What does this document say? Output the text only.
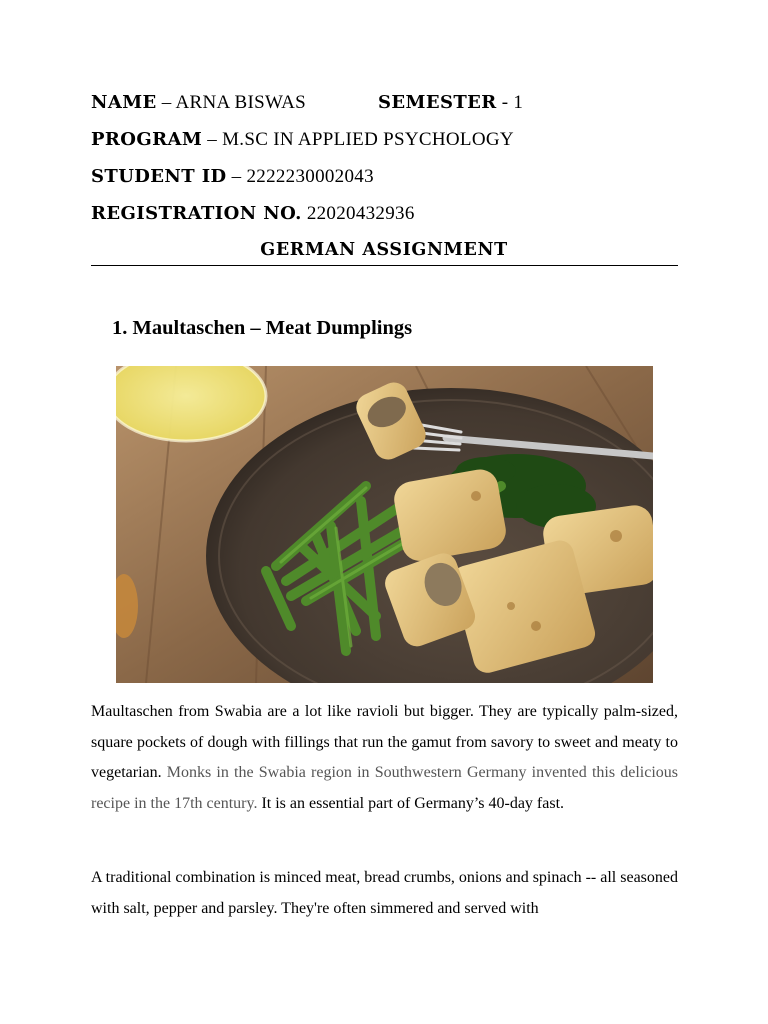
NAME – ARNA BISWAS	SEMESTER - 1
PROGRAM – M.SC IN APPLIED PSYCHOLOGY
STUDENT ID – 2222230002043
REGISTRATION NO. 22020432936
GERMAN ASSIGNMENT
1. Maultaschen – Meat Dumplings

Maultaschen from Swabia are a lot like ravioli but bigger. They are typically palm-sized, square pockets of dough with fillings that run the gamut from savory to sweet and meaty to vegetarian. Monks in the Swabia region in Southwestern Germany invented this delicious recipe in the 17th century. It is an essential part of Germany’s 40-day fast.

A traditional combination is minced meat, bread crumbs, onions and spinach -- all seasoned with salt, pepper and parsley. They're often simmered and served with
